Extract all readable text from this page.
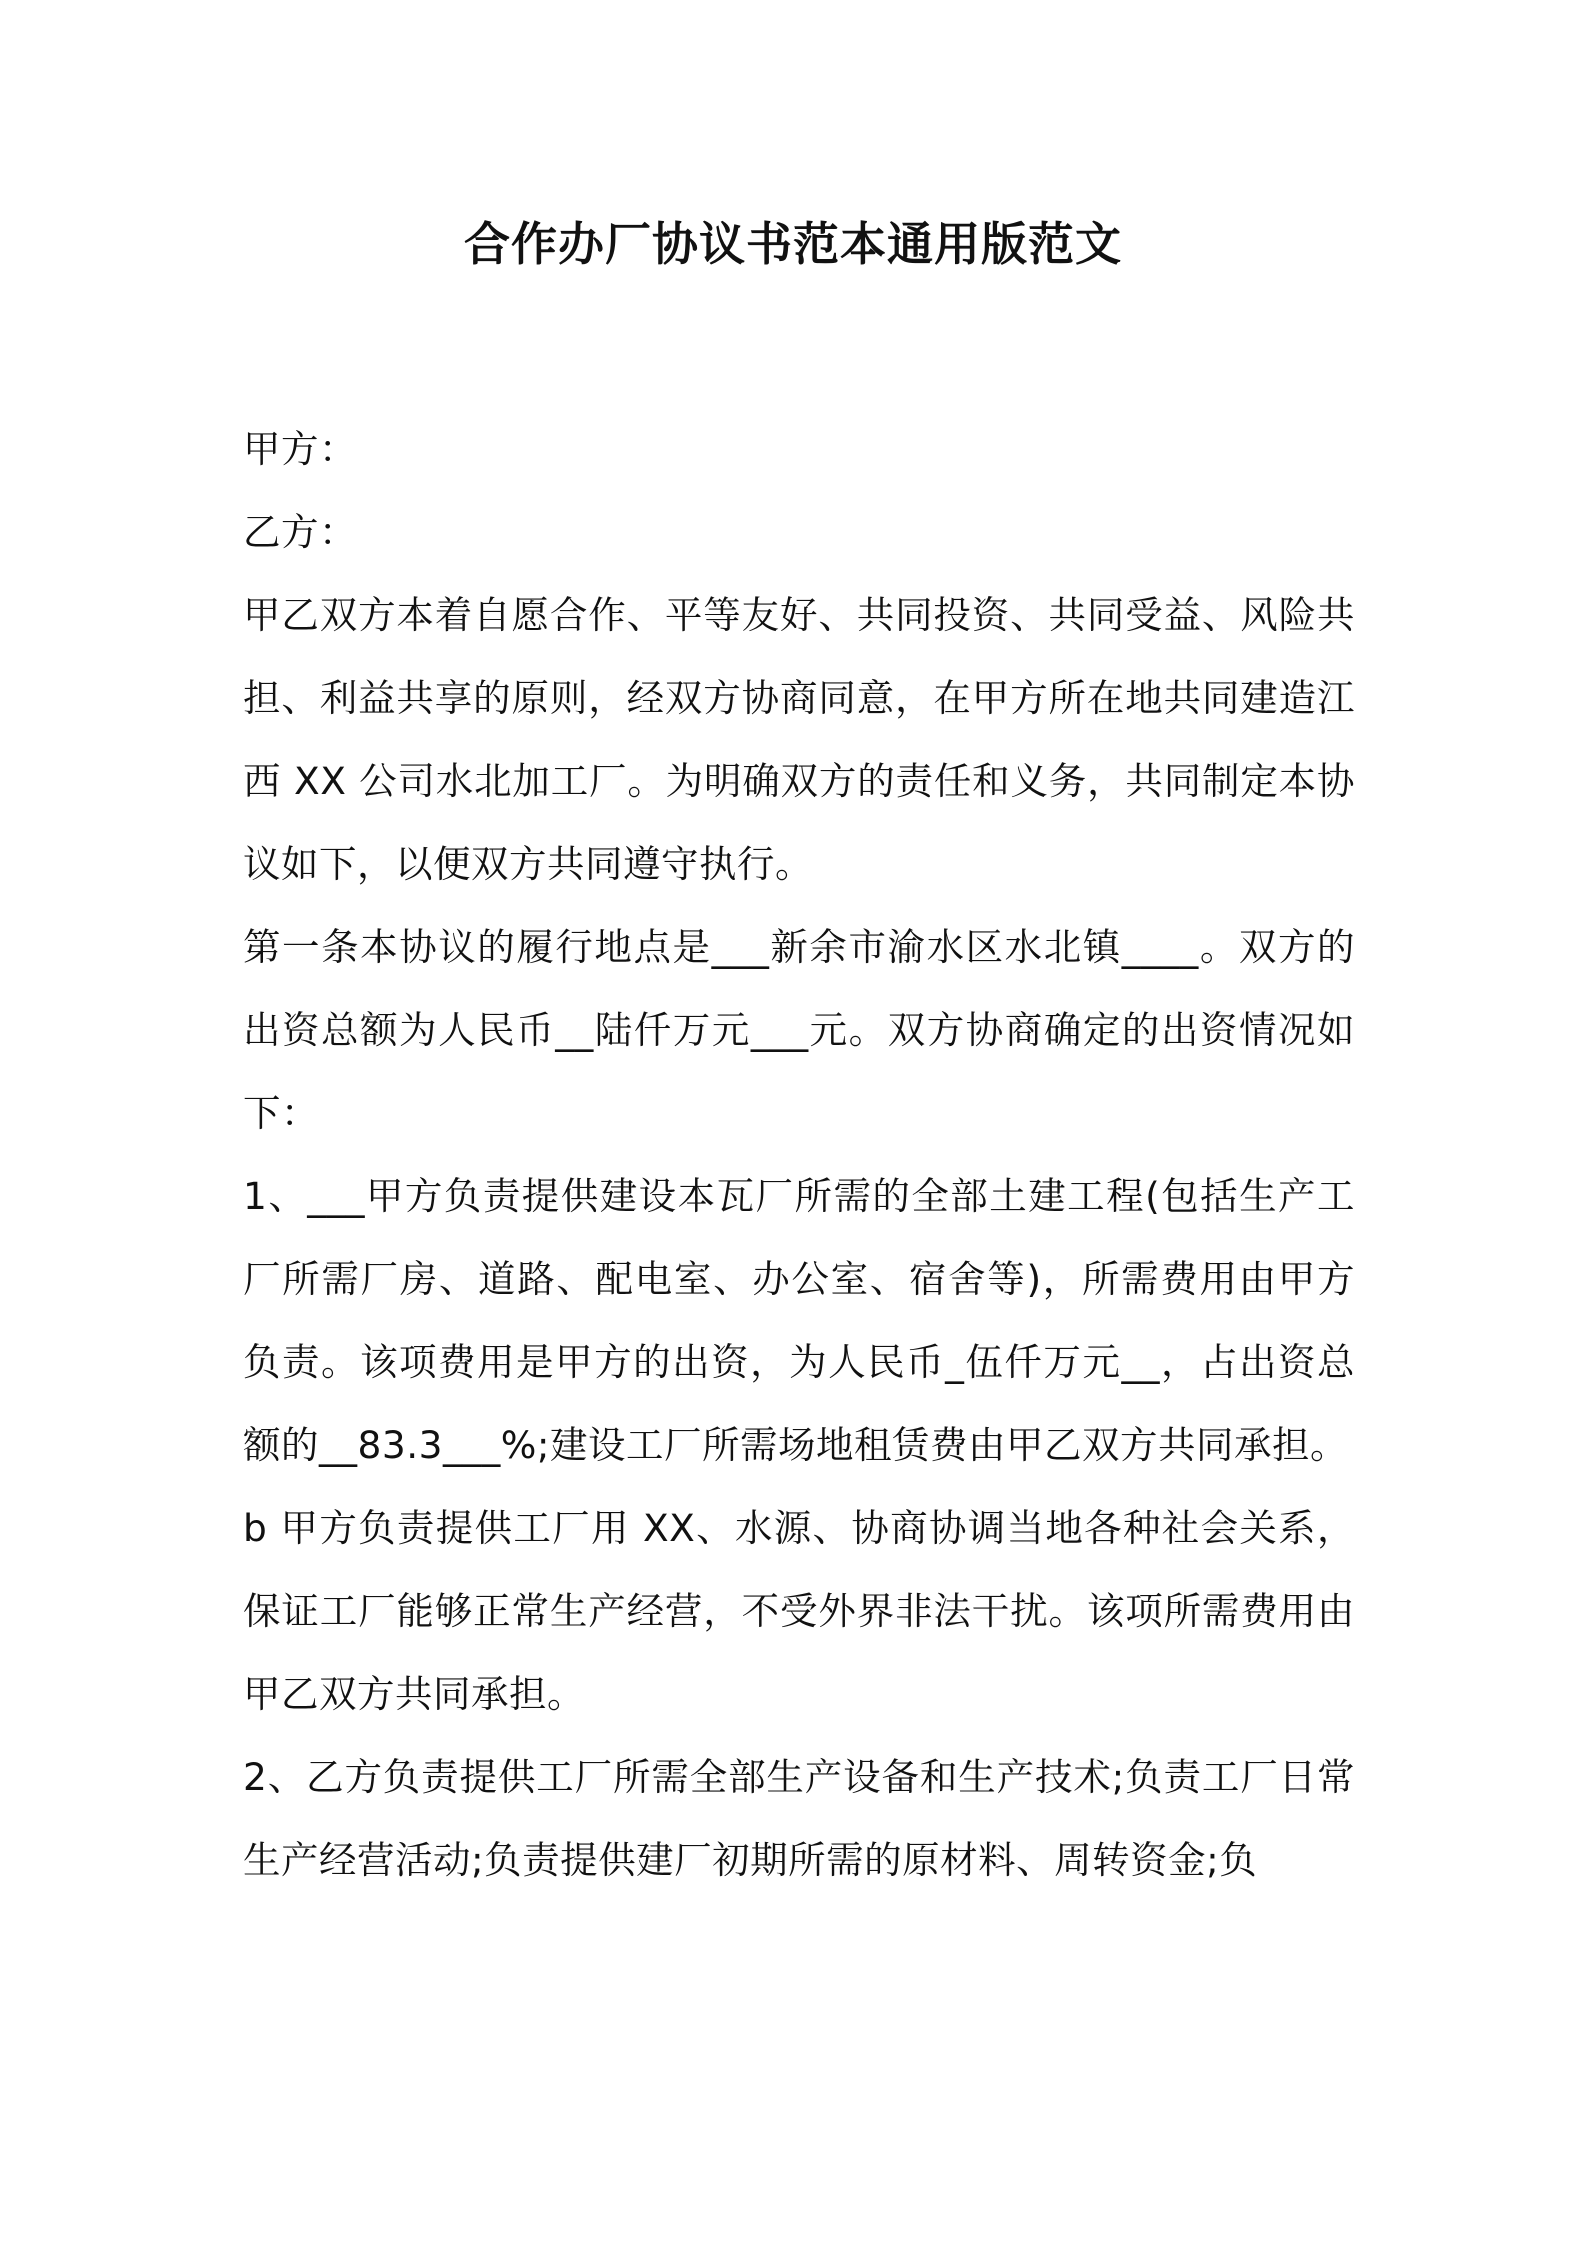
合作办厂协议书范本通用版范文

甲方：

乙方：

甲乙双方本着自愿合作、平等友好、共同投资、共同受益、风险共担、利益共享的原则，经双方协商同意，在甲方所在地共同建造江西 XX 公司水北加工厂。为明确双方的责任和义务，共同制定本协议如下，以便双方共同遵守执行。

第一条本协议的履行地点是___新余市渝水区水北镇____。双方的出资总额为人民币__陆仟万元___元。双方协商确定的出资情况如下：

1、___甲方负责提供建设本瓦厂所需的全部土建工程(包括生产工厂所需厂房、道路、配电室、办公室、宿舍等)，所需费用由甲方负责。该项费用是甲方的出资，为人民币_伍仟万元__，占出资总额的__83.3___%;建设工厂所需场地租赁费由甲乙双方共同承担。

b 甲方负责提供工厂用 XX、水源、协商协调当地各种社会关系，保证工厂能够正常生产经营，不受外界非法干扰。该项所需费用由甲乙双方共同承担。

2、乙方负责提供工厂所需全部生产设备和生产技术;负责工厂日常生产经营活动;负责提供建厂初期所需的原材料、周转资金;负
